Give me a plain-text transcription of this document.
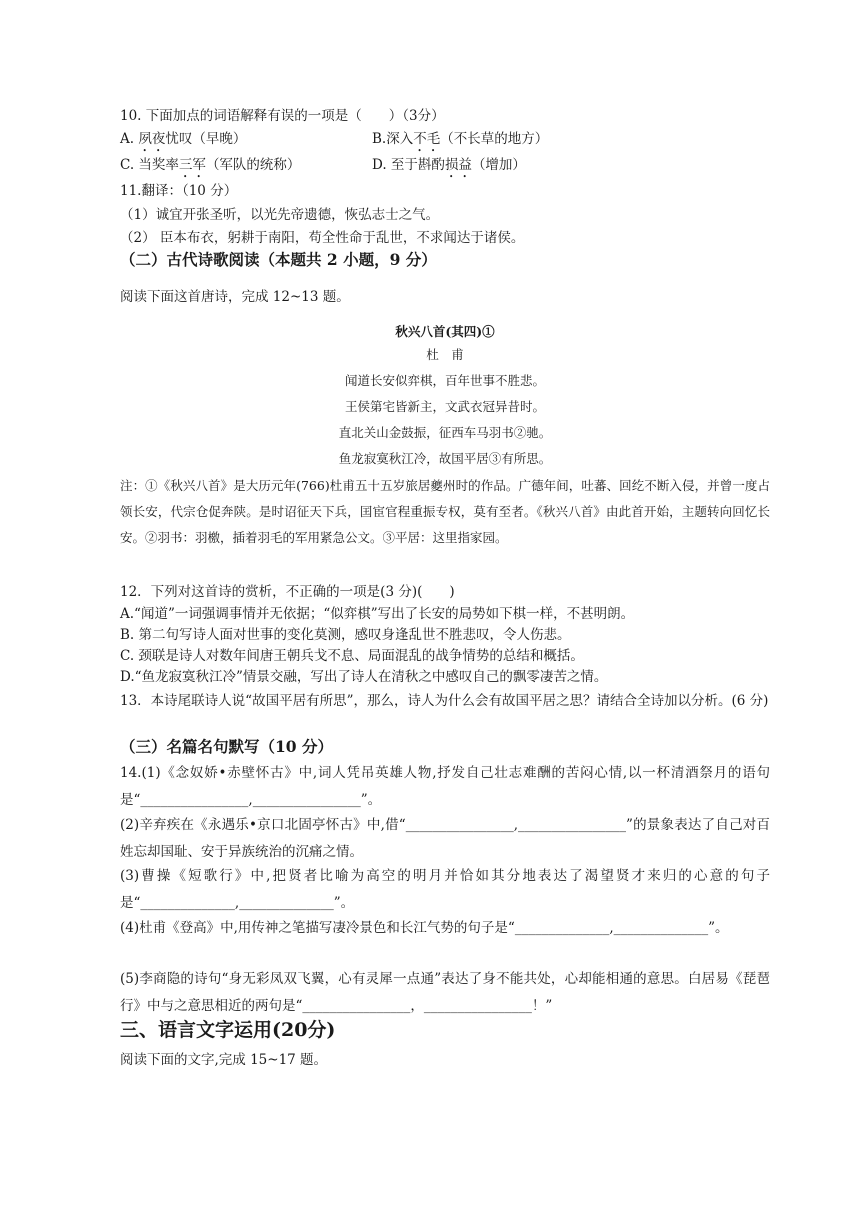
10. 下面加点的词语解释有误的一项是（　　）（3分）
A. 夙夜忧叹（早晚）	B.深入不毛（不长草的地方）
C. 当奖率三军（军队的统称）	D. 至于斟酌损益（增加）
11.翻译：（10 分）
（1）诚宜开张圣听，以光先帝遗德，恢弘志士之气。
（2） 臣本布衣，躬耕于南阳，苟全性命于乱世，不求闻达于诸侯。
（二）古代诗歌阅读（本题共 2 小题，9 分）
阅读下面这首唐诗，完成 12~13 题。
秋兴八首(其四)①
杜　甫
闻道长安似弈棋，百年世事不胜悲。
王侯第宅皆新主，文武衣冠异昔时。
直北关山金鼓振，征西车马羽书②驰。
鱼龙寂寞秋江冷，故国平居③有所思。
注：①《秋兴八首》是大历元年(766)杜甫五十五岁旅居夔州时的作品。广德年间，吐蕃、回纥不断入侵，并曾一度占领长安，代宗仓促奔陕。是时诏征天下兵，囯宦官程重振专权，莫有至者。《秋兴八首》由此首开始，主题转向回忆长安。②羽书：羽檄，插着羽毛的军用紧急公文。③平居：这里指家园。
12．下列对这首诗的赏析，不正确的一项是(3 分)(　　)
A.“闻道”一词强调事情并无依据；“似弈棋”写出了长安的局势如下棋一样，不甚明朗。
B. 第二句写诗人面对世事的变化莫测，感叹身逢乱世不胜悲叹，令人伤悲。
C. 颈联是诗人对数年间唐王朝兵戈不息、局面混乱的战争情势的总结和概括。
D.“鱼龙寂寞秋江冷”情景交融，写出了诗人在清秋之中感叹自己的飘零凄苦之情。
13．本诗尾联诗人说“故国平居有所思”，那么，诗人为什么会有故国平居之思？请结合全诗加以分析。(6 分)
（三）名篇名句默写（10 分）
14.(1)《念奴娇•赤壁怀古》中,词人凭吊英雄人物,抒发自己壮志难酬的苦闷心情,以一杯清酒祭月的语句是“________________,________________”。
(2)辛弃疾在《永遇乐•京口北固亭怀古》中,借“________________,________________”的景象表达了自己对百姓忘却国耻、安于异族统治的沉痛之情。
(3)曹操《短歌行》中,把贤者比喻为高空的明月并恰如其分地表达了渴望贤才来归的心意的句子是“______________,______________”。
(4)杜甫《登高》中,用传神之笔描写凄冷景色和长江气势的句子是“______________,______________”。
(5)李商隐的诗句“身无彩凤双飞翼，心有灵犀一点通”表达了身不能共处，心却能相通的意思。白居易《琵琶行》中与之意思相近的两句是“________________，________________！”
三、语言文字运用(20分)
阅读下面的文字,完成 15~17 题。
